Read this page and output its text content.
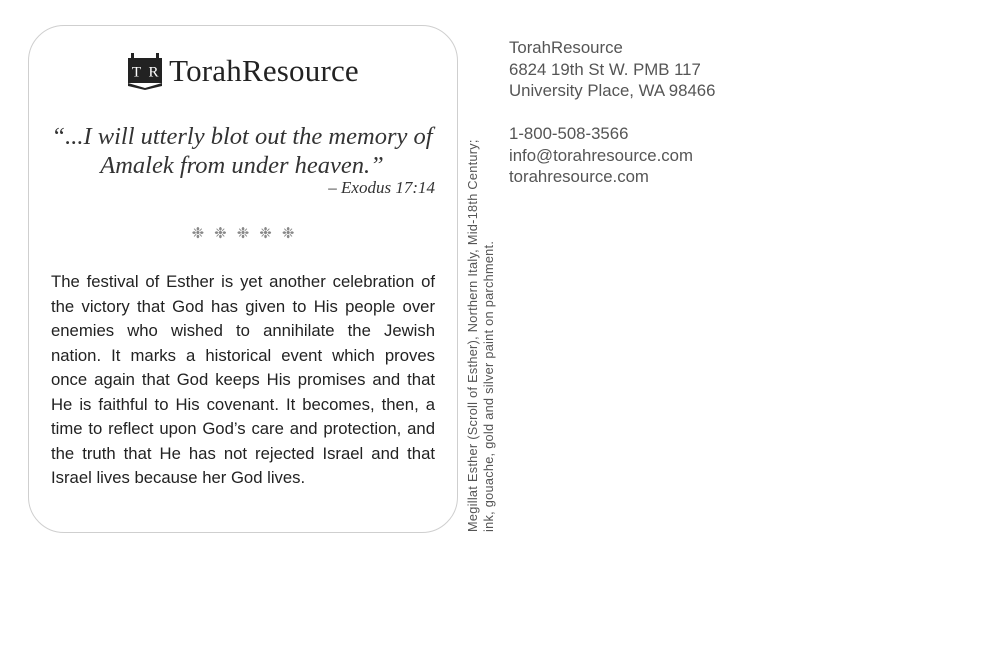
T R TorahResource

“...I will utterly blot out the memory of Amalek from under heaven.”

– Exodus 17:14
❉❉❉❉❉

The festival of Esther is yet another celebration of the victory that God has given to His people over enemies who wished to annihilate the Jewish nation. It marks a historical event which proves once again that God keeps His promises and that He is faithful to His covenant. It becomes, then, a time to reflect upon God’s care and protection, and the truth that He has not rejected Israel and that Israel lives because her God lives.	Megillat Esther (Scroll of Esther), Northern Italy, Mid-18th Century; ink, gouache, gold and silver paint on parchment.
TorahResource
6824 19th St W. PMB 117
University Place, WA 98466
1-800-508-3566
info@torahresource.com
torahresource.com
